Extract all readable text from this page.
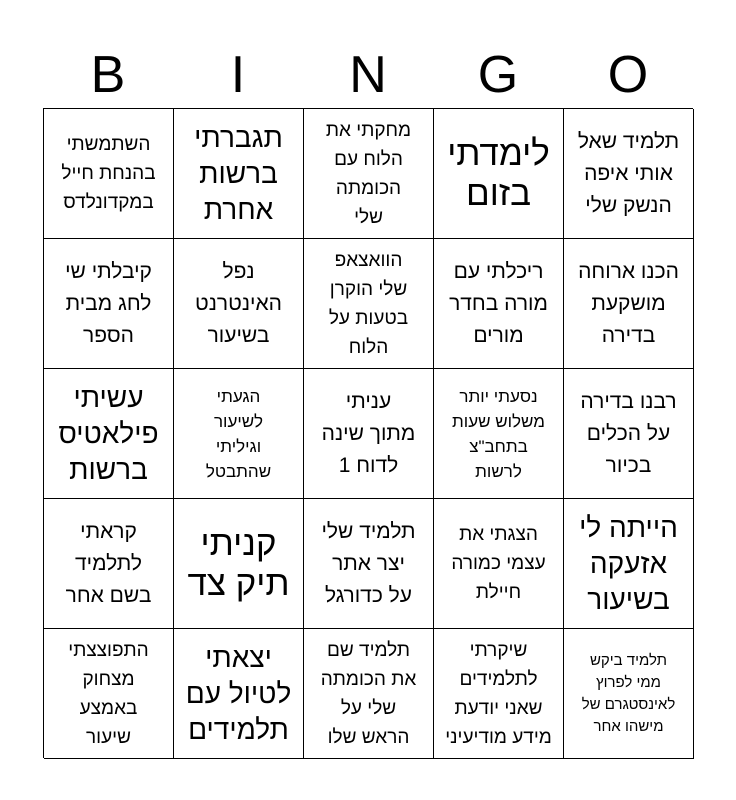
B	I	N	G	O
השתמשתי
בהנחת חייל
במקדונלדס
תגברתי
ברשות
אחרת
מחקתי את
הלוח עם
הכומתה
שלי
לימדתי
בזום
תלמיד שאל
אותי איפה
הנשק שלי
קיבלתי שי
לחג מבית
הספר
נפל
האינטרנט
בשיעור
הוואצאפ
שלי הוקרן
בטעות על
הלוח
ריכלתי עם
מורה בחדר
מורים
הכנו ארוחה
מושקעת
בדירה
עשיתי
פילאטיס
ברשות
הגעתי
לשיעור
וגיליתי
שהתבטל
עניתי
מתוך שינה
לדוח 1
נסעתי יותר
משלוש שעות
בתחב"צ
לרשות
רבנו בדירה
על הכלים
בכיור
קראתי
לתלמיד
בשם אחר
קניתי
תיק צד
תלמיד שלי
יצר אתר
על כדורגל
הצגתי את
עצמי כמורה
חיילת
הייתה לי
אזעקה
בשיעור
התפוצצתי
מצחוק
באמצע
שיעור
יצאתי
לטיול עם
תלמידים
תלמיד שם
את הכומתה
שלי על
הראש שלו
שיקרתי
לתלמידים
שאני יודעת
מידע מודיעיני
תלמיד ביקש
ממי לפרוץ
לאינסטגרם של
מישהו אחר
